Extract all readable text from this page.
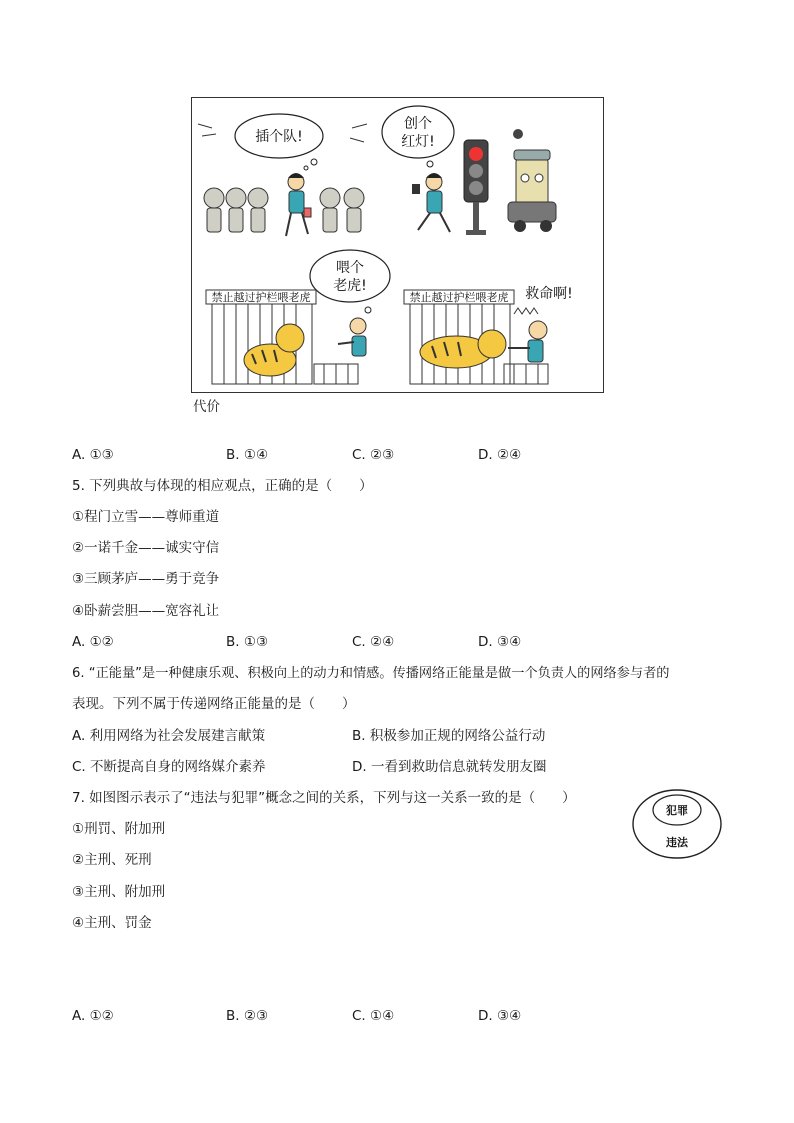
插个队!
创个
红灯!
喂个
老虎!
禁止越过护栏喂老虎	禁止越过护栏喂老虎 救命啊!
代价
A. ①③	B. ①④	C. ②③	D. ②④
5. 下列典故与体现的相应观点，正确的是（　　）
①程门立雪——尊师重道
②一诺千金——诚实守信
③三顾茅庐——勇于竞争
④卧薪尝胆——宽容礼让
A. ①②	B. ①③	C. ②④	D. ③④
6. “正能量”是一种健康乐观、积极向上的动力和情感。传播网络正能量是做一个负责人的网络参与者的
表现。下列不属于传递网络正能量的是（　　）
A. 利用网络为社会发展建言献策	B. 积极参加正规的网络公益行动
C. 不断提高自身的网络媒介素养	D. 一看到救助信息就转发朋友圈
7. 如图图示表示了“违法与犯罪”概念之间的关系，下列与这一关系一致的是（　　）
①刑罚、附加刑
②主刑、死刑
③主刑、附加刑
④主刑、罚金
犯罪
违法
A. ①②	B. ②③	C. ①④	D. ③④
